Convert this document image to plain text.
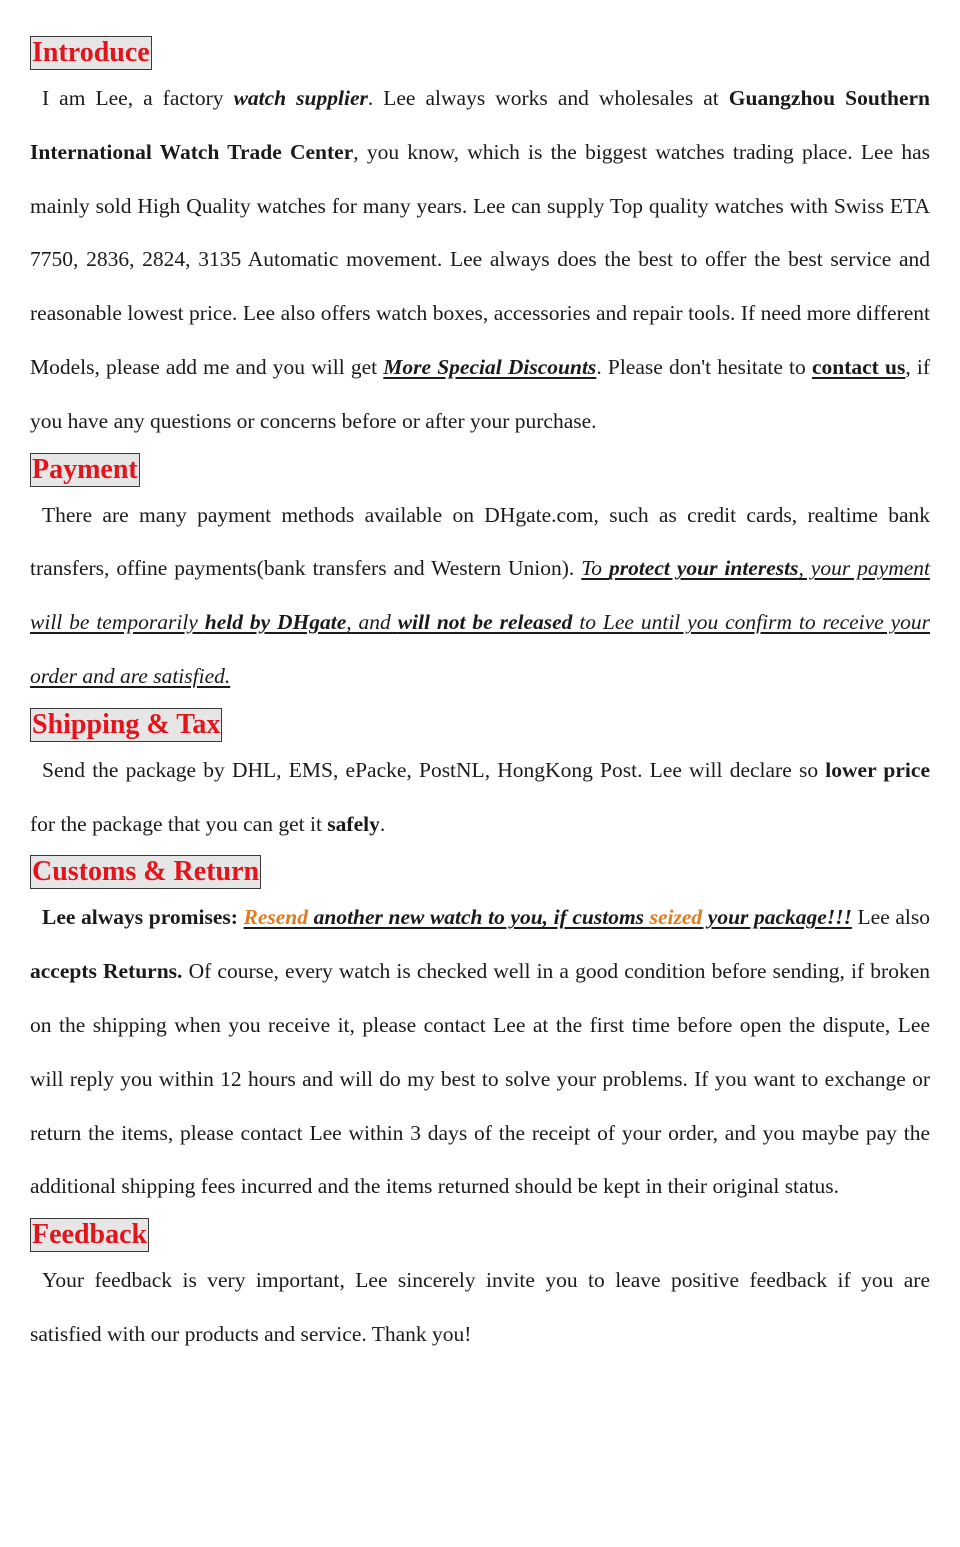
Introduce

I am Lee, a factory watch supplier. Lee always works and wholesales at Guangzhou Southern International Watch Trade Center, you know, which is the biggest watches trading place. Lee has mainly sold High Quality watches for many years. Lee can supply Top quality watches with Swiss ETA 7750, 2836, 2824, 3135 Automatic movement. Lee always does the best to offer the best service and reasonable lowest price. Lee also offers watch boxes, accessories and repair tools. If need more different Models, please add me and you will get More Special Discounts. Please don't hesitate to contact us, if you have any questions or concerns before or after your purchase.

Payment

There are many payment methods available on DHgate.com, such as credit cards, realtime bank transfers, offine payments(bank transfers and Western Union). To protect your interests, your payment will be temporarily held by DHgate, and will not be released to Lee until you confirm to receive your order and are satisfied.

Shipping & Tax

Send the package by DHL, EMS, ePacke, PostNL, HongKong Post. Lee will declare so lower price for the package that you can get it safely.

Customs & Return

Lee always promises: Resend another new watch to you, if customs seized your package!!! Lee also accepts Returns. Of course, every watch is checked well in a good condition before sending, if broken on the shipping when you receive it, please contact Lee at the first time before open the dispute, Lee will reply you within 12 hours and will do my best to solve your problems. If you want to exchange or return the items, please contact Lee within 3 days of the receipt of your order, and you maybe pay the additional shipping fees incurred and the items returned should be kept in their original status.

Feedback

Your feedback is very important, Lee sincerely invite you to leave positive feedback if you are satisfied with our products and service. Thank you!
